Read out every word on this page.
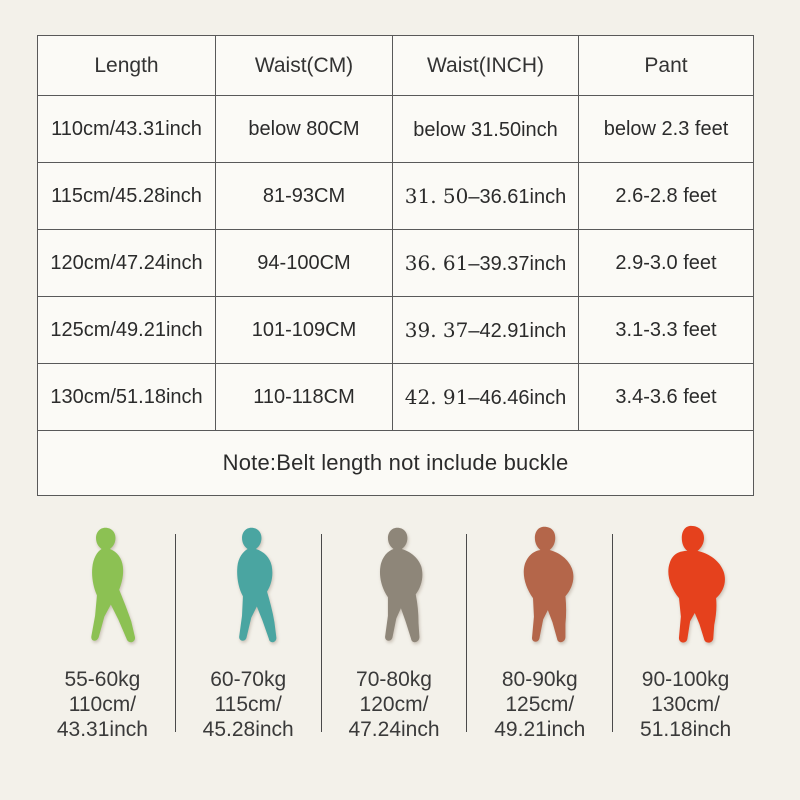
Length	Waist(CM)	Waist(INCH)	Pant
110cm/43.31inch	below 80CM	below 31.50inch	below 2.3 feet
115cm/45.28inch	81-93CM	31. 50–36.61inch	2.6-2.8 feet
120cm/47.24inch	94-100CM	36. 61–39.37inch	2.9-3.0 feet
125cm/49.21inch	101-109CM	39. 37–42.91inch	3.1-3.3 feet
130cm/51.18inch	110-118CM	42. 91–46.46inch	3.4-3.6 feet
Note:Belt length not include buckle			
55-60kg
110cm/
43.31inch
60-70kg
115cm/
45.28inch
70-80kg
120cm/
47.24inch
80-90kg
125cm/
49.21inch
90-100kg
130cm/
51.18inch
